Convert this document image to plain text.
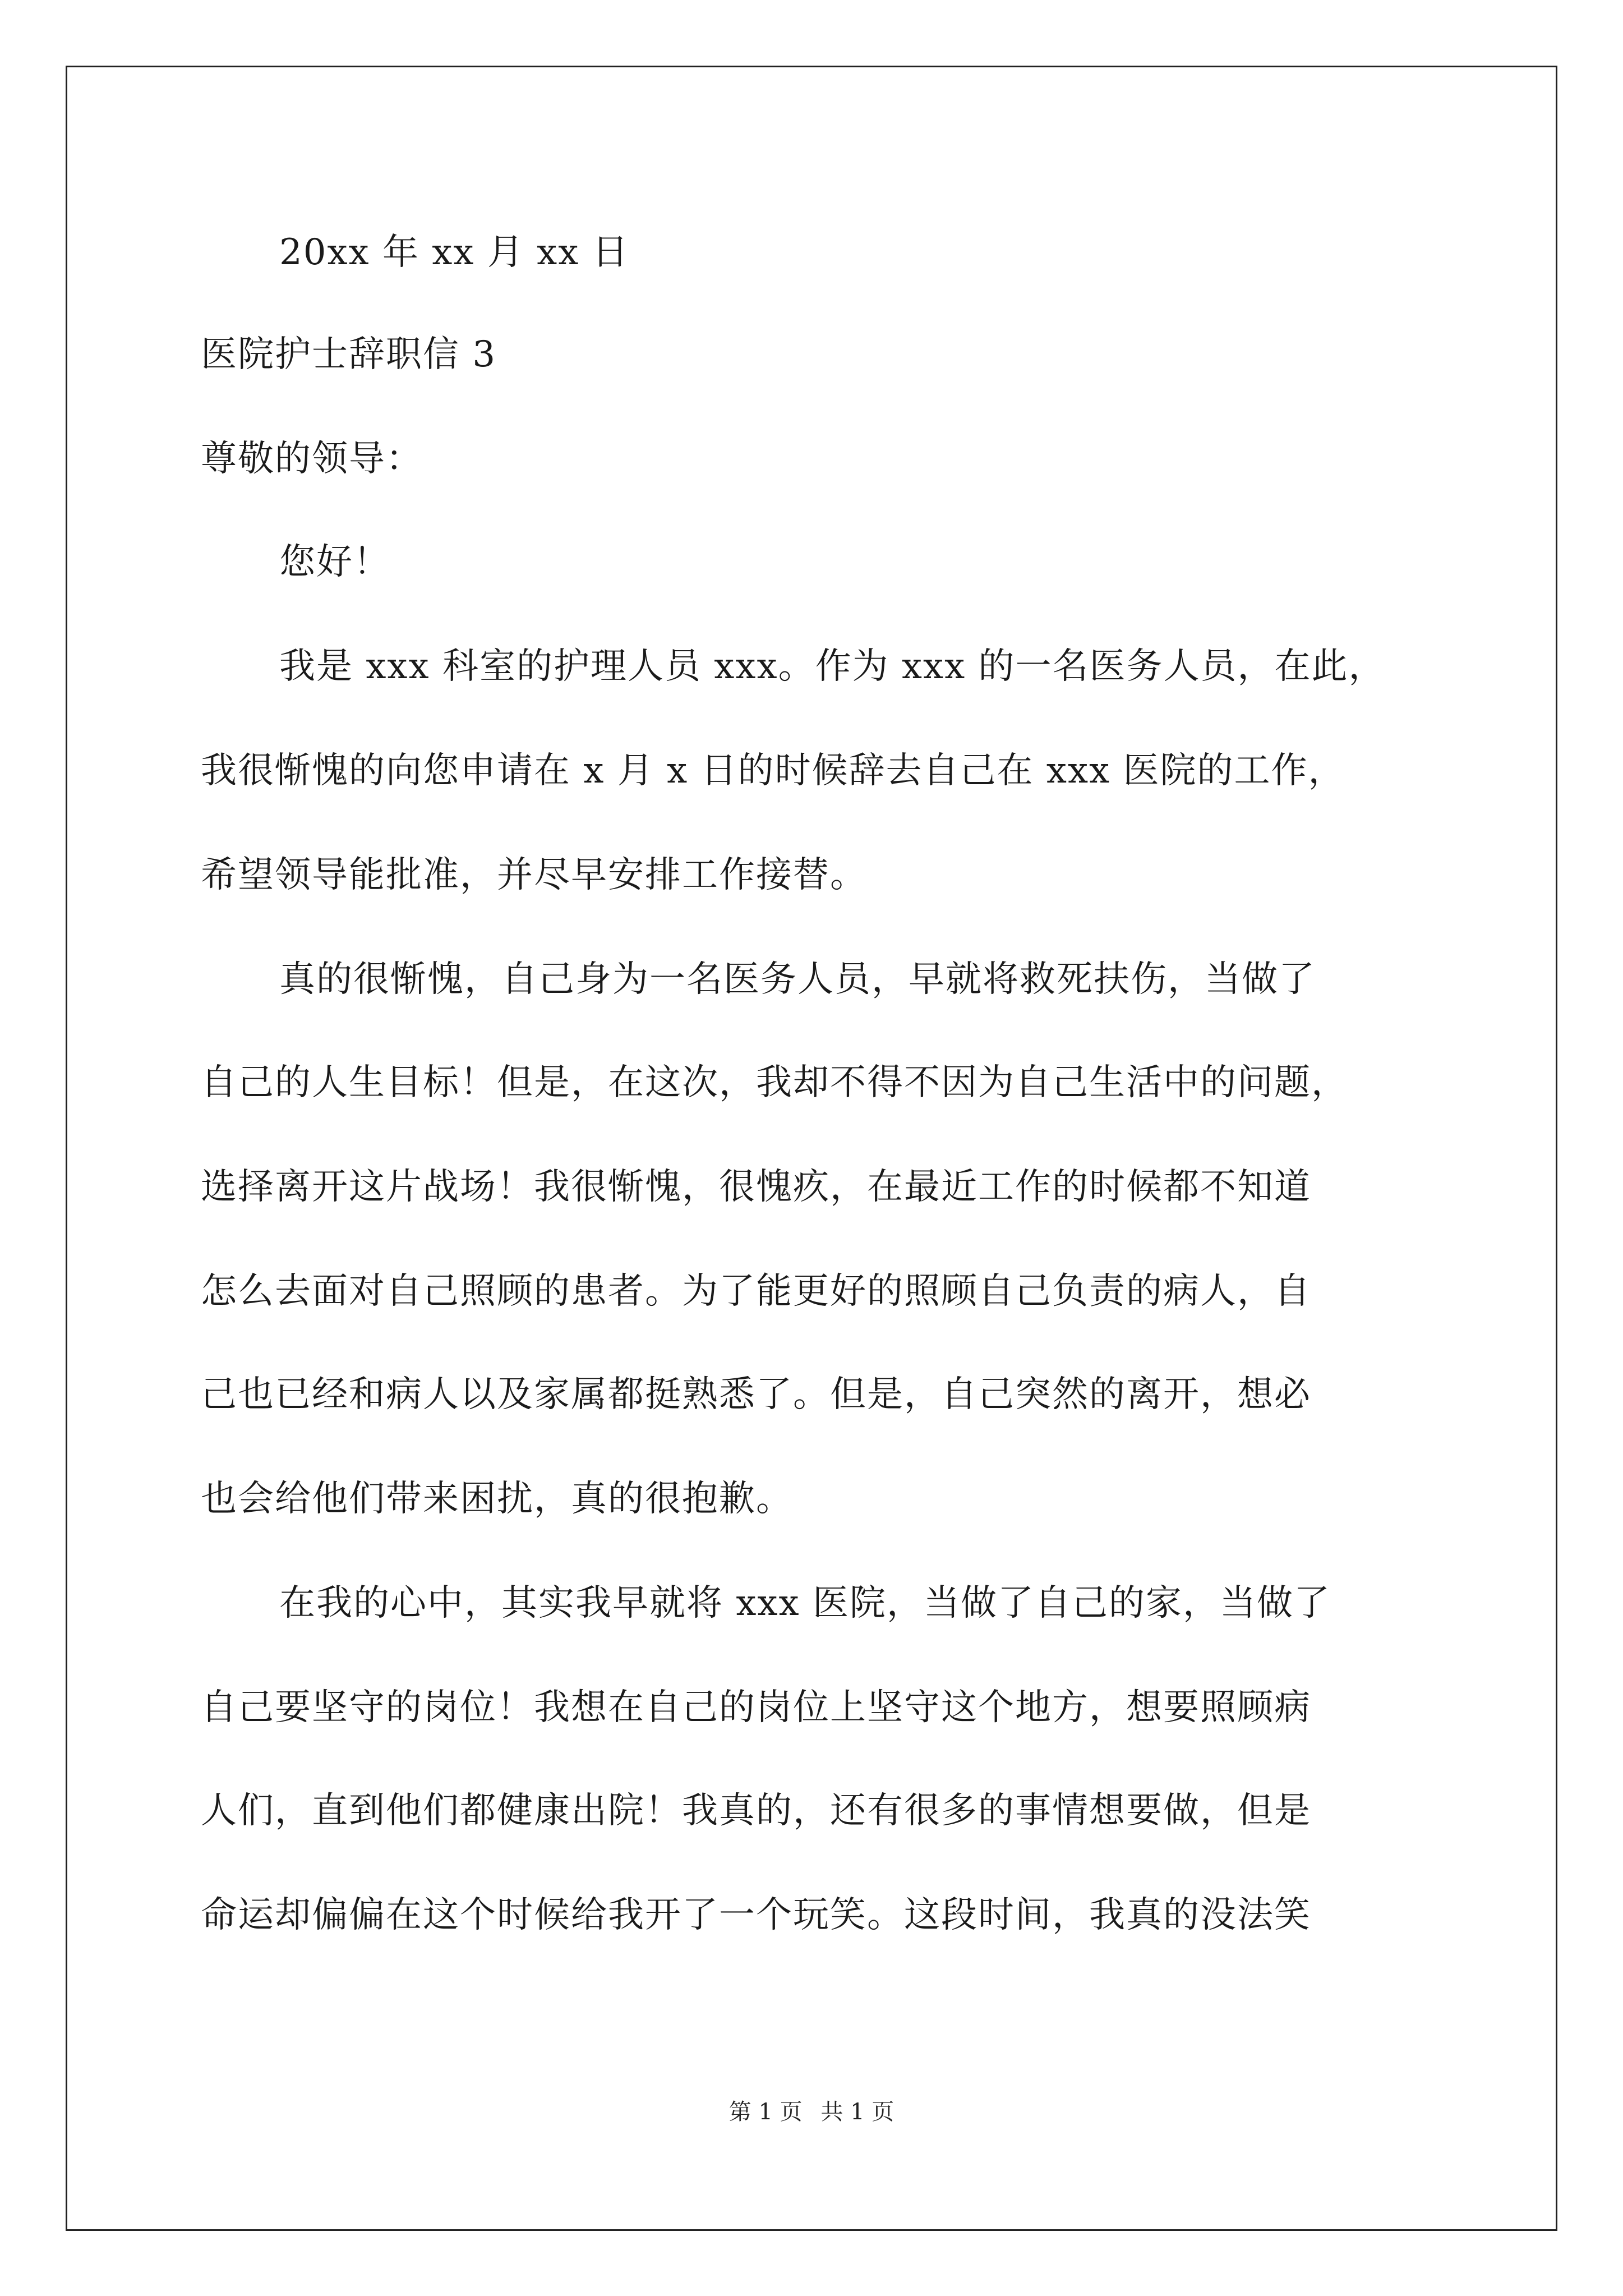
20xx 年 xx 月 xx 日
医院护士辞职信 3
尊敬的领导：
您好！
我是 xxx 科室的护理人员 xxx。作为 xxx 的一名医务人员，在此，
我很惭愧的向您申请在 x 月 x 日的时候辞去自己在 xxx 医院的工作，
希望领导能批准，并尽早安排工作接替。
真的很惭愧，自己身为一名医务人员，早就将救死扶伤，当做了
自己的人生目标！但是，在这次，我却不得不因为自己生活中的问题，
选择离开这片战场！我很惭愧，很愧疚，在最近工作的时候都不知道
怎么去面对自己照顾的患者。为了能更好的照顾自己负责的病人，自
己也已经和病人以及家属都挺熟悉了。但是，自己突然的离开，想必
也会给他们带来困扰，真的很抱歉。
在我的心中，其实我早就将 xxx 医院，当做了自己的家，当做了
自己要坚守的岗位！我想在自己的岗位上坚守这个地方，想要照顾病
人们，直到他们都健康出院！我真的，还有很多的事情想要做，但是
命运却偏偏在这个时候给我开了一个玩笑。这段时间，我真的没法笑
第 1 页 共 1 页
